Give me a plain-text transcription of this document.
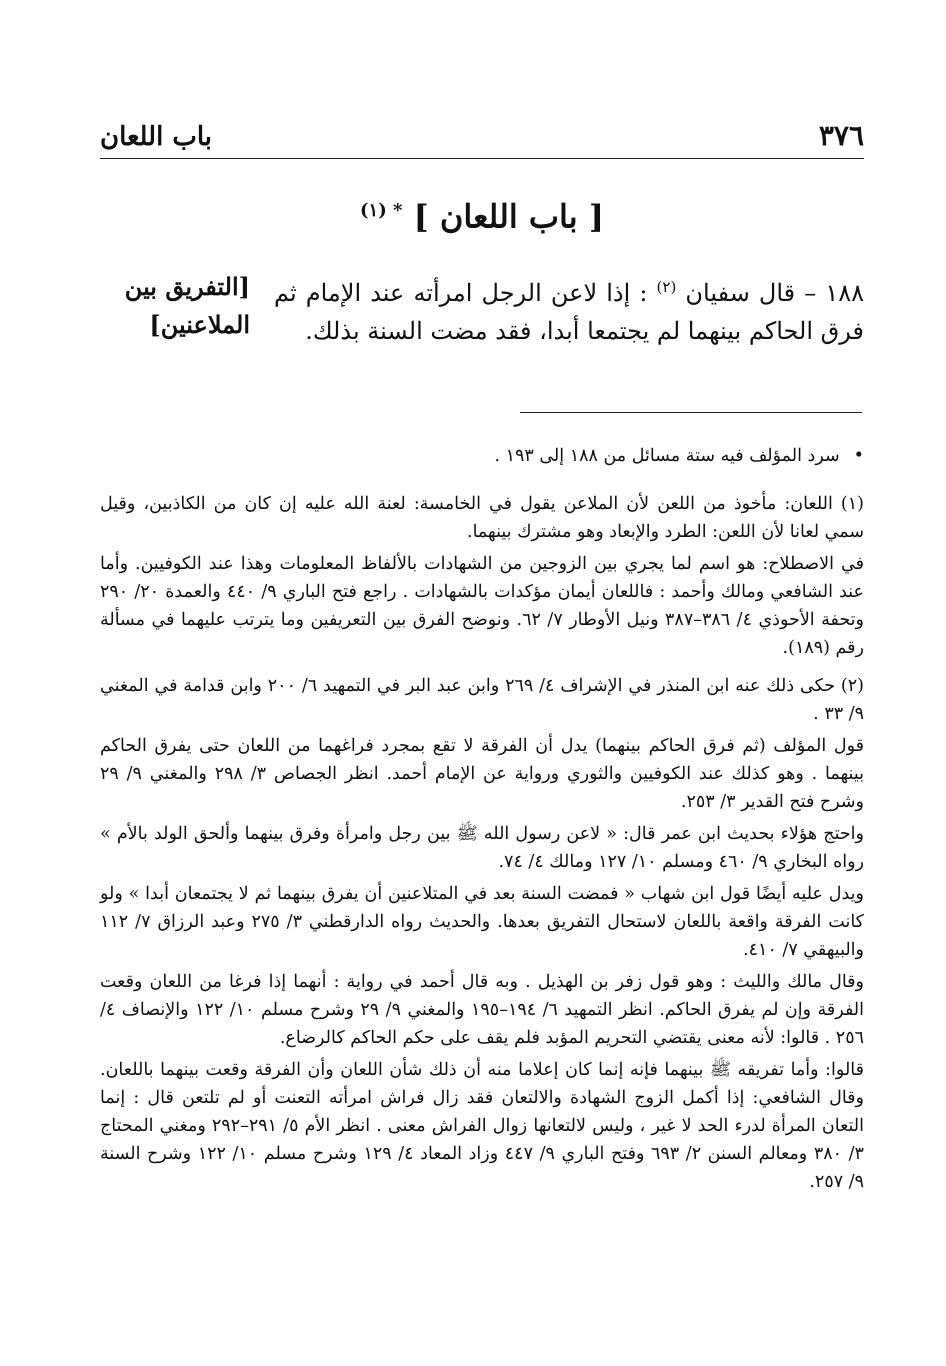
٣٧٦
باب اللعان
[ باب اللعان ] $^{* (١)}$
١٨٨ – قال سفيان $^{(٢)}$ : إذا لاعن الرجل امرأته عند الإمام ثم فرق الحاكم بينهما لم يجتمعا أبدا، فقد مضت السنة بذلك.
[التفريق بين الملاعنين]
•سرد المؤلف فيه ستة مسائل من ١٨٨ إلى ١٩٣ .

(١) اللعان: مأخوذ من اللعن لأن الملاعن يقول في الخامسة: لعنة الله عليه إن كان من الكاذبين، وقيل سمي لعانا لأن اللعن: الطرد والإبعاد وهو مشترك بينهما.

في الاصطلاح: هو اسم لما يجري بين الزوجين من الشهادات بالألفاظ المعلومات وهذا عند الكوفيين. وأما عند الشافعي ومالك وأحمد : فاللعان أيمان مؤكدات بالشهادات . راجع فتح الباري ٩/ ٤٤٠ والعمدة ٢٠/ ٢٩٠ وتحفة الأحوذي ٤/ ٣٨٦–٣٨٧ ونيل الأوطار ٧/ ٦٢. ونوضح الفرق بين التعريفين وما يترتب عليهما في مسألة رقم (١٨٩).

(٢) حكى ذلك عنه ابن المنذر في الإشراف ٤/ ٢٦٩ وابن عبد البر في التمهيد ٦/ ٢٠٠ وابن قدامة في المغني ٩/ ٣٣ .

قول المؤلف (ثم فرق الحاكم بينهما) يدل أن الفرقة لا تقع بمجرد فراغهما من اللعان حتى يفرق الحاكم بينهما . وهو كذلك عند الكوفيين والثوري ورواية عن الإمام أحمد. انظر الجصاص ٣/ ٢٩٨ والمغني ٩/ ٢٩ وشرح فتح القدير ٣/ ٢٥٣.

واحتج هؤلاء بحديث ابن عمر قال: « لاعن رسول الله ﷺ بين رجل وامرأة وفرق بينهما وألحق الولد بالأم » رواه البخاري ٩/ ٤٦٠ ومسلم ١٠/ ١٢٧ ومالك ٤/ ٧٤.

ويدل عليه أيضًا قول ابن شهاب « فمضت السنة بعد في المتلاعنين أن يفرق بينهما ثم لا يجتمعان أبدا » ولو كانت الفرقة واقعة باللعان لاستحال التفريق بعدها. والحديث رواه الدارقطني ٣/ ٢٧٥ وعبد الرزاق ٧/ ١١٢ والبيهقي ٧/ ٤١٠.

وقال مالك والليث : وهو قول زفر بن الهذيل . وبه قال أحمد في رواية : أنهما إذا فرغا من اللعان وقعت الفرقة وإن لم يفرق الحاكم. انظر التمهيد ٦/ ١٩٤–١٩٥ والمغني ٩/ ٢٩ وشرح مسلم ١٠/ ١٢٢ والإنصاف ٤/ ٢٥٦ . قالوا: لأنه معنى يقتضي التحريم المؤبد فلم يقف على حكم الحاكم كالرضاع.

قالوا: وأما تفريقه ﷺ بينهما فإنه إنما كان إعلاما منه أن ذلك شأن اللعان وأن الفرقة وقعت بينهما باللعان. وقال الشافعي: إذا أكمل الزوج الشهادة والالتعان فقد زال فراش امرأته التعنت أو لم تلتعن قال : إنما التعان المرأة لدرء الحد لا غير ، وليس لالتعانها زوال الفراش معنى . انظر الأم ٥/ ٢٩١–٢٩٢ ومغني المحتاج ٣/ ٣٨٠ ومعالم السنن ٢/ ٦٩٣ وفتح الباري ٩/ ٤٤٧ وزاد المعاد ٤/ ١٢٩ وشرح مسلم ١٠/ ١٢٢ وشرح السنة ٩/ ٢٥٧.
